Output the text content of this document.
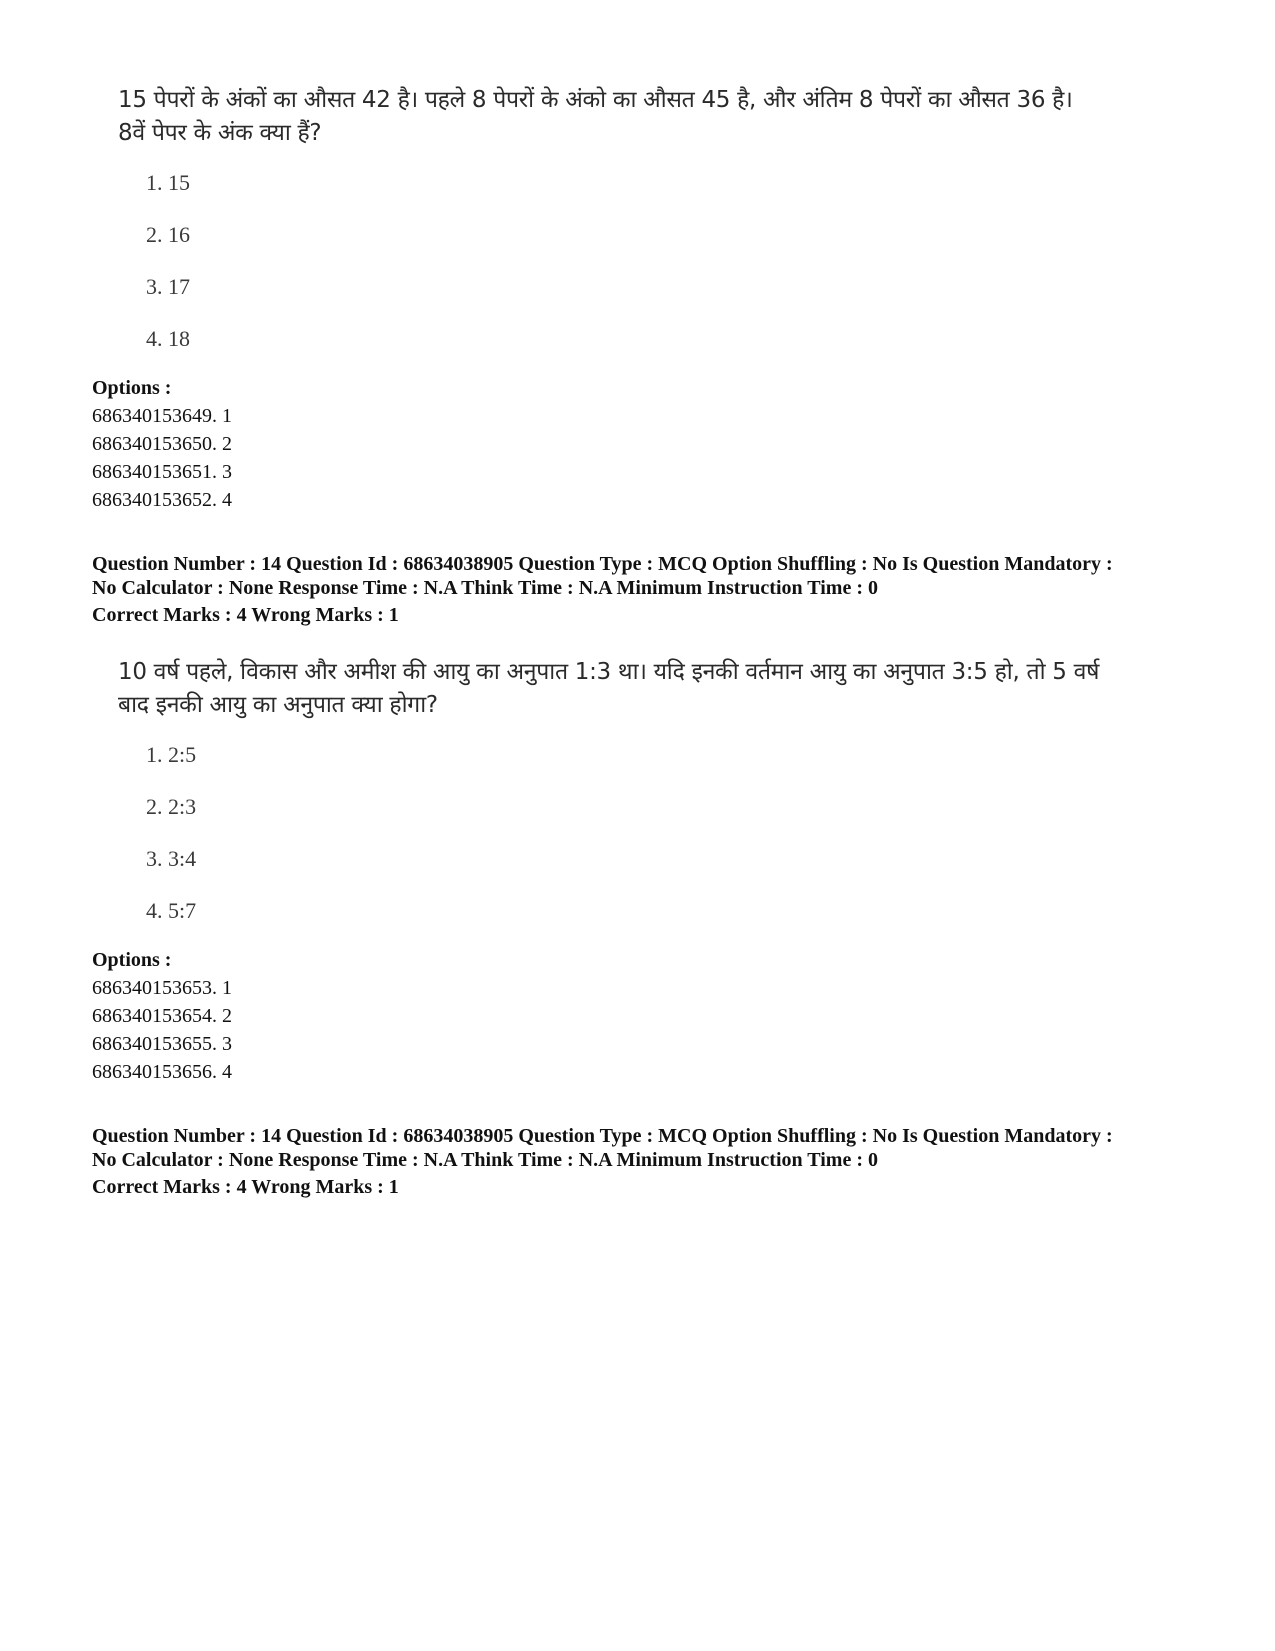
15 पेपरों के अंकों का औसत 42 है। पहले 8 पेपरों के अंको का औसत 45 है, और अंतिम 8 पेपरों का औसत 36 है।
8वें पेपर के अंक क्या हैं?
1. 15
2. 16
3. 17
4. 18
Options :
686340153649. 1
686340153650. 2
686340153651. 3
686340153652. 4
Question Number : 14 Question Id : 68634038905 Question Type : MCQ Option Shuffling : No Is Question Mandatory :
No Calculator : None Response Time : N.A Think Time : N.A Minimum Instruction Time : 0
Correct Marks : 4 Wrong Marks : 1
10 वर्ष पहले, विकास और अमीश की आयु का अनुपात 1:3 था। यदि इनकी वर्तमान आयु का अनुपात 3:5 हो, तो 5 वर्ष
बाद इनकी आयु का अनुपात क्या होगा?
1. 2:5
2. 2:3
3. 3:4
4. 5:7
Options :
686340153653. 1
686340153654. 2
686340153655. 3
686340153656. 4
Question Number : 14 Question Id : 68634038905 Question Type : MCQ Option Shuffling : No Is Question Mandatory :
No Calculator : None Response Time : N.A Think Time : N.A Minimum Instruction Time : 0
Correct Marks : 4 Wrong Marks : 1
